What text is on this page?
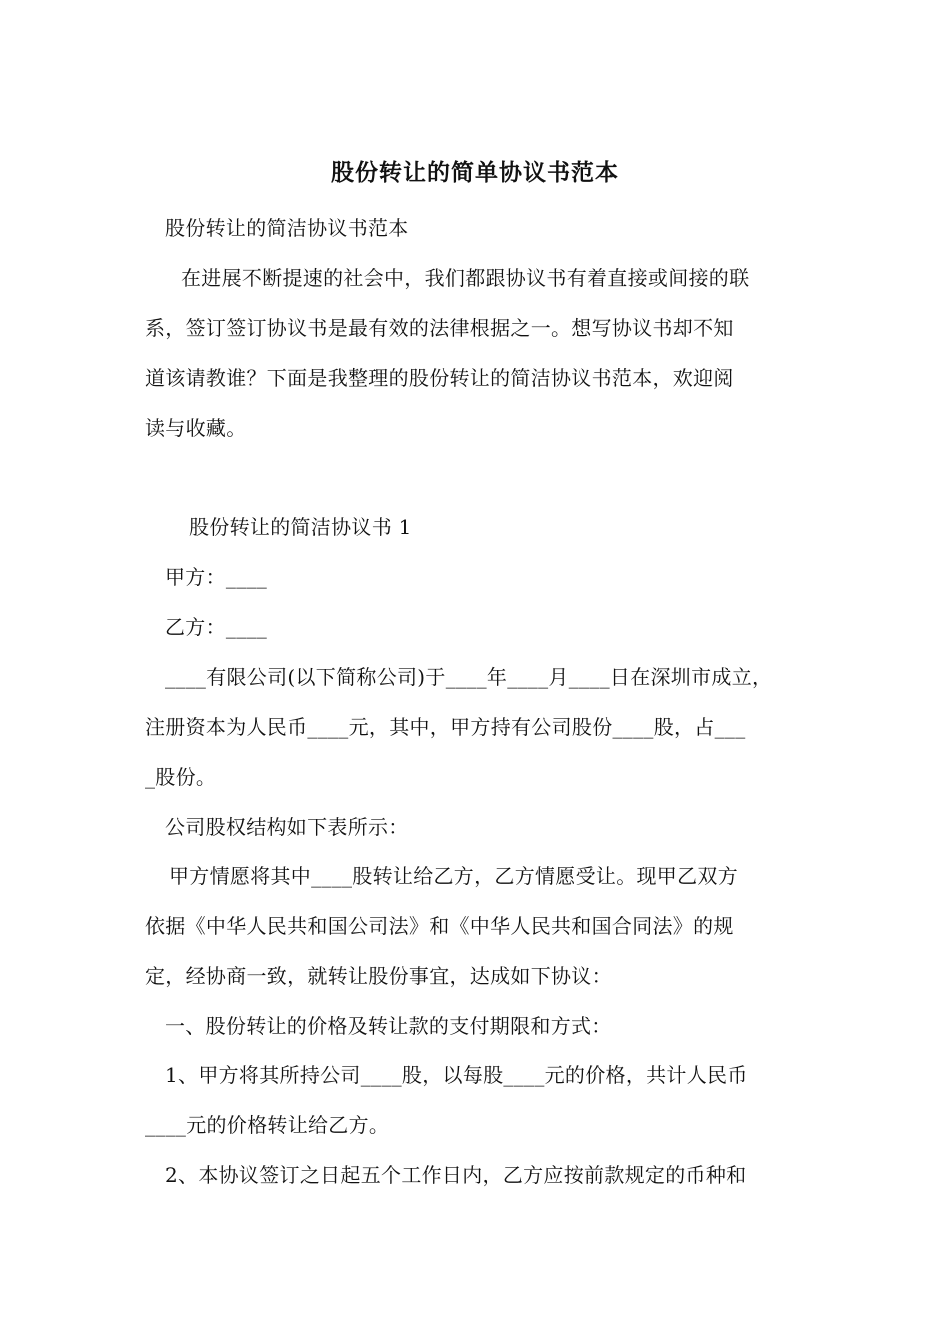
股份转让的简单协议书范本
股份转让的简洁协议书范本
在进展不断提速的社会中，我们都跟协议书有着直接或间接的联
系，签订签订协议书是最有效的法律根据之一。想写协议书却不知
道该请教谁？下面是我整理的股份转让的简洁协议书范本，欢迎阅
读与收藏。
股份转让的简洁协议书 1
甲方：____
乙方：____
____有限公司(以下简称公司)于____年____月____日在深圳市成立，
注册资本为人民币____元，其中，甲方持有公司股份____股，占___
_股份。
公司股权结构如下表所示：
甲方情愿将其中____股转让给乙方，乙方情愿受让。现甲乙双方
依据《中华人民共和国公司法》和《中华人民共和国合同法》的规
定，经协商一致，就转让股份事宜，达成如下协议：
一、股份转让的价格及转让款的支付期限和方式：
1、甲方将其所持公司____股，以每股____元的价格，共计人民币
____元的价格转让给乙方。
2、本协议签订之日起五个工作日内，乙方应按前款规定的币种和
